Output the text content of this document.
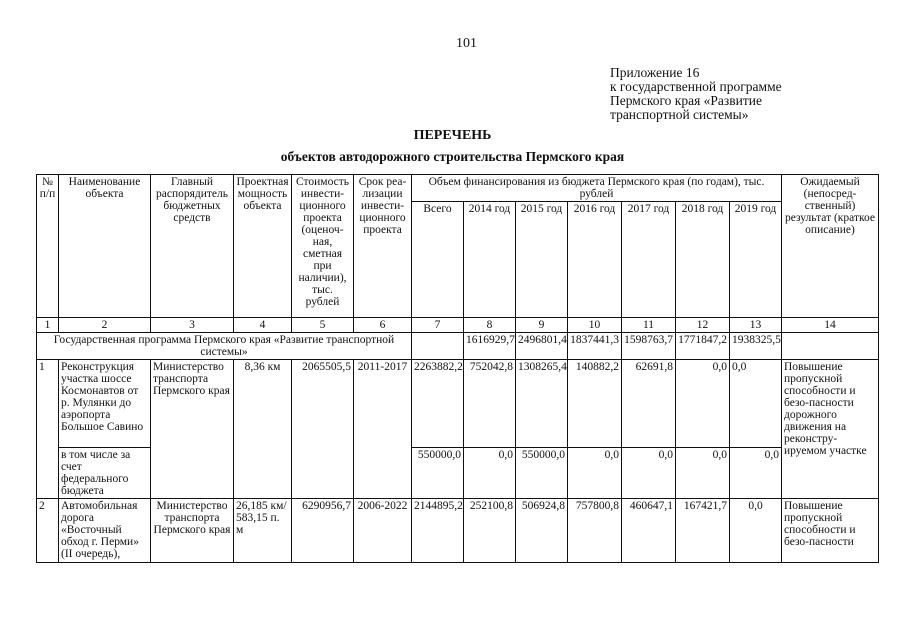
101
Приложение 16
к государственной программе
Пермского края «Развитие
транспортной системы»
ПЕРЕЧЕНЬ
объектов автодорожного строительства Пермского края
№ п/п	Наименование объекта	Главный распорядитель бюджетных средств	Проектная мощность объекта	Стоимость инвести-ционного проекта (оценоч-ная, сметная при наличии), тыс. рублей	Срок реа-лизации инвести-ционного проекта	Объем финансирования из бюджета Пермского края (по годам), тыс. рублей							Ожидаемый (непосред-ственный) результат (краткое описание)
						Всего	2014 год	2015 год	2016 год	2017 год	2018 год	2019 год	
1	2	3	4	5	6	7	8	9	10	11	12	13	14
Государственная программа Пермского края «Развитие транспортной системы»							1616929,7	2496801,4	1837441,3	1598763,7	1771847,2	1938325,5	
1	Реконструкция участка шоссе Космонавтов от р. Мулянки до аэропорта Большое Савино	Министерство транспорта Пермского края	8,36 км	2065505,5	2011-2017	2263882,2	752042,8	1308265,4	140882,2	62691,8	0,0	0,0	Повышение пропускной способности и безо-пасности дорожного движения на реконстру-ируемом участке
	в том числе за счет федерального бюджета					550000,0	0,0	550000,0	0,0	0,0	0,0	0,0	
2	Автомобильная дорога «Восточный обход г. Перми» (II очередь),	Министерство транспорта Пермского края	26,185 км/ 583,15 п. м	6290956,7	2006-2022	2144895,2	252100,8	506924,8	757800,8	460647,1	167421,7	0,0	Повышение пропускной способности и безо-пасности
